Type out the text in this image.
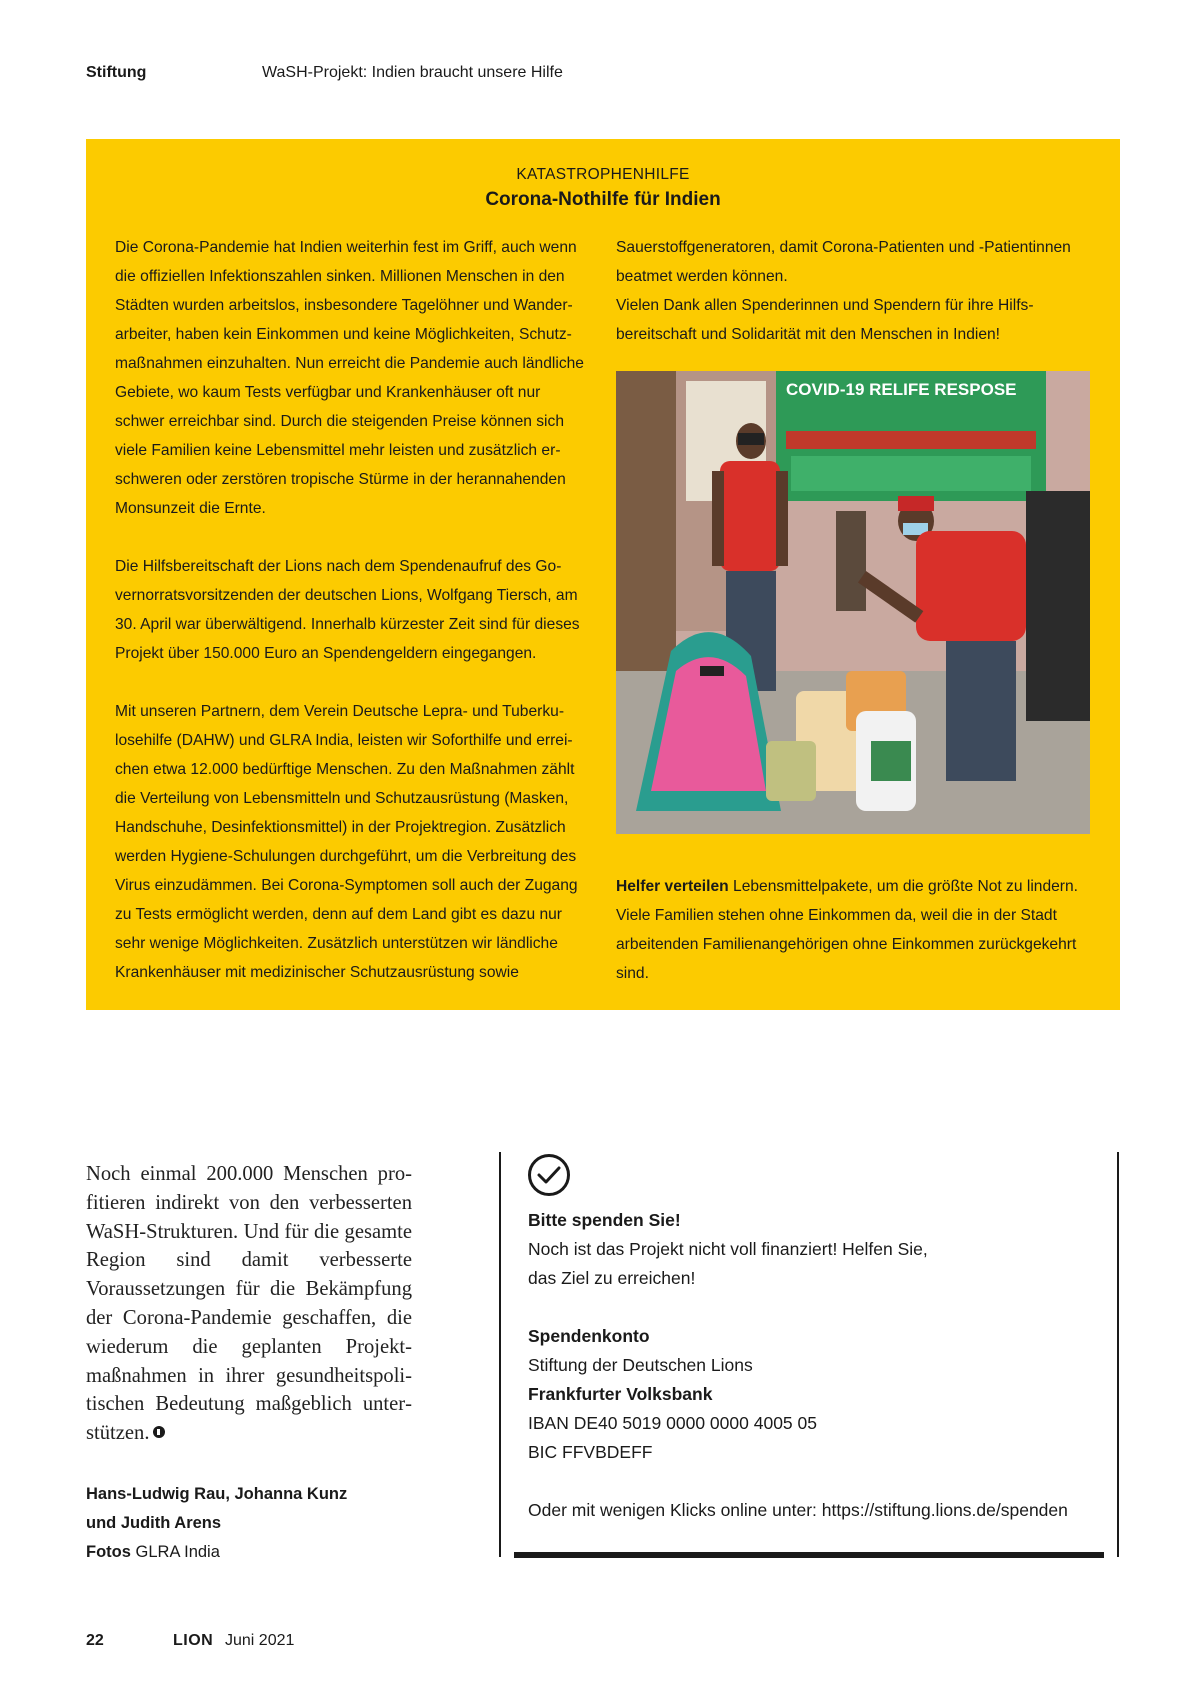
Stiftung	WaSH-Projekt: Indien braucht unsere Hilfe
KATASTROPHENHILFE
Corona-Nothilfe für Indien

Die Corona-Pandemie hat Indien weiterhin fest im Griff, auch wenn die offiziellen Infektionszahlen sinken. Millionen Menschen in den Städten wurden arbeitslos, insbesondere Tagelöhner und Wanderarbeiter, haben kein Einkommen und keine Möglichkeiten, Schutzmaßnahmen einzuhalten. Nun erreicht die Pandemie auch ländliche Gebiete, wo kaum Tests verfügbar und Krankenhäuser oft nur schwer erreichbar sind. Durch die steigenden Preise können sich viele Familien keine Lebensmittel mehr leisten und zusätzlich erschweren oder zerstören tropische Stürme in der herannahenden Monsunzeit die Ernte.

Die Hilfsbereitschaft der Lions nach dem Spendenaufruf des Governorratsvorsitzenden der deutschen Lions, Wolfgang Tiersch, am 30. April war überwältigend. Innerhalb kürzester Zeit sind für dieses Projekt über 150.000 Euro an Spendengeldern eingegangen.

Mit unseren Partnern, dem Verein Deutsche Lepra- und Tuberkulosehilfe (DAHW) und GLRA India, leisten wir Soforthilfe und erreichen etwa 12.000 bedürftige Menschen. Zu den Maßnahmen zählt die Verteilung von Lebensmitteln und Schutzausrüstung (Masken, Handschuhe, Desinfektionsmittel) in der Projektregion. Zusätzlich werden Hygiene-Schulungen durchgeführt, um die Verbreitung des Virus einzudämmen. Bei Corona-Symptomen soll auch der Zugang zu Tests ermöglicht werden, denn auf dem Land gibt es dazu nur sehr wenige Möglichkeiten. Zusätzlich unterstützen wir ländliche Krankenhäuser mit medizinischer Schutzausrüstung sowie

Sauerstoffgeneratoren, damit Corona-Patienten und -Patientinnen beatmet werden können.

Vielen Dank allen Spenderinnen und Spendern für ihre Hilfsbereitschaft und Solidarität mit den Menschen in Indien!

COVID-19 RELIFE RESPOSE
Helfer verteilen Lebensmittelpakete, um die größte Not zu lindern. Viele Familien stehen ohne Einkommen da, weil die in der Stadt arbeitenden Familienangehörigen ohne Einkommen zurückgekehrt sind.
Noch einmal 200.000 Menschen profitieren indirekt von den verbesserten WaSH-Strukturen. Und für die gesamte Region sind damit verbesserte Voraussetzungen für die Bekämpfung der Corona-Pandemie geschaffen, die wiederum die geplanten Projektmaßnahmen in ihrer gesundheitspolitischen Bedeutung maßgeblich unterstützen.
Hans-Ludwig Rau, Johanna Kunz
und Judith Arens
Fotos GLRA India
Bitte spenden Sie!
Noch ist das Projekt nicht voll finanziert! Helfen Sie,
das Ziel zu erreichen!
Spendenkonto
Stiftung der Deutschen Lions
Frankfurter Volksbank
IBAN DE40 5019 0000 0000 4005 05
BIC FFVBDEFF
Oder mit wenigen Klicks online unter: https://stiftung.lions.de/spenden
22	LION Juni 2021
